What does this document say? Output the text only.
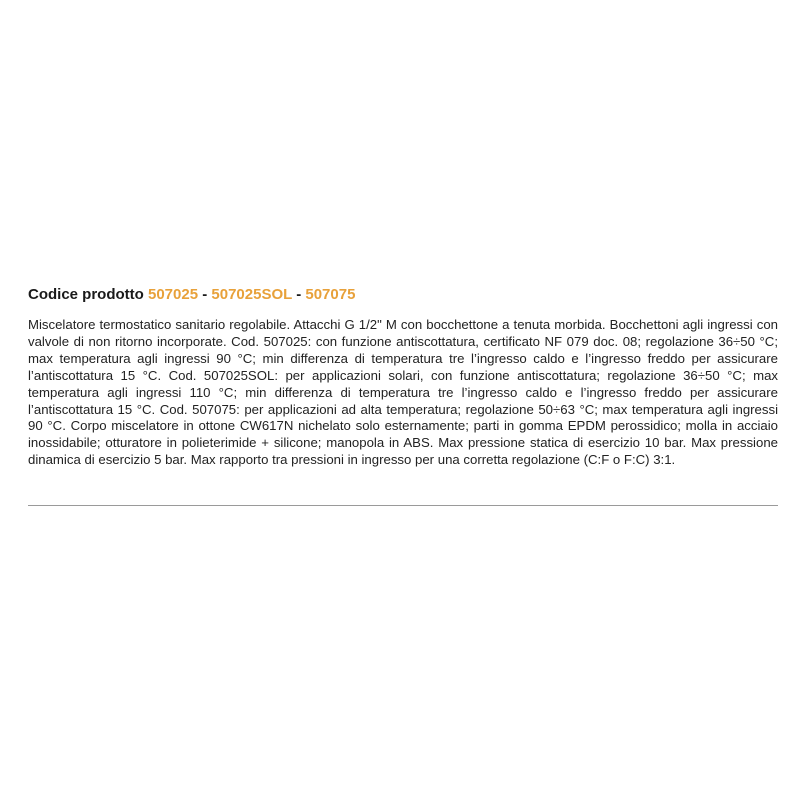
Codice prodotto 507025 - 507025SOL - 507075

Miscelatore termostatico sanitario regolabile. Attacchi G 1/2" M con bocchettone a tenuta morbida. Bocchettoni agli ingressi con valvole di non ritorno incorporate. Cod. 507025: con funzione antiscottatura, certificato NF 079 doc. 08; regolazione 36÷50 °C; max temperatura agli ingressi 90 °C; min differenza di temperatura tre l’ingresso caldo e l’ingresso freddo per assicurare l’antiscottatura 15 °C. Cod. 507025SOL: per applicazioni solari, con funzione antiscottatura; regolazione 36÷50 °C; max temperatura agli ingressi 110 °C; min differenza di temperatura tre l’ingresso caldo e l’ingresso freddo per assicurare l’antiscottatura 15 °C. Cod. 507075: per applicazioni ad alta temperatura; regolazione 50÷63 °C; max temperatura agli ingressi 90 °C. Corpo miscelatore in ottone CW617N nichelato solo esternamente; parti in gomma EPDM perossidico; molla in acciaio inossidabile; otturatore in polieterimide + silicone; manopola in ABS. Max pressione statica di esercizio 10 bar. Max pressione dinamica di esercizio 5 bar. Max rapporto tra pressioni in ingresso per una corretta regolazione (C:F o F:C) 3:1.
